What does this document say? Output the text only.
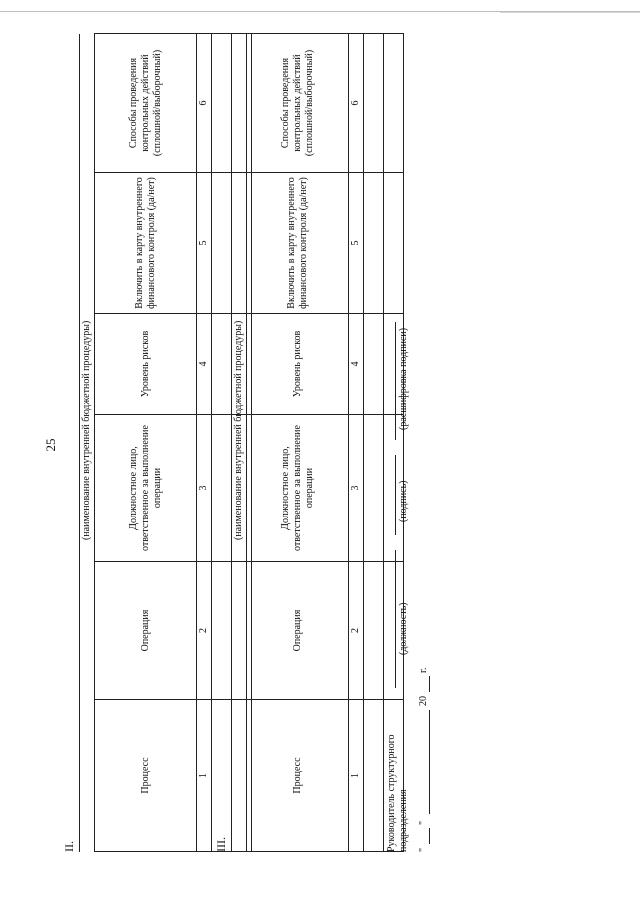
25
II.
(наименование внутренней бюджетной процедуры)
Процесс	Операция	Должностное лицо, ответственное за выполнение операции	Уровень рисков	Включить в карту внутреннего финансового контроля (да/нет)	Способы проведения контрольных действий (сплошной/выборочный)
1	2	3	4	5	6

III.
(наименование внутренней бюджетной процедуры)
Процесс	Операция	Должностное лицо, ответственное за выполнение операции	Уровень рисков	Включить в карту внутреннего финансового контроля (да/нет)	Способы проведения контрольных действий (сплошной/выборочный)
1	2	3	4	5	6

Руководитель структурного подразделения
(должность)
(подпись)
(расшифровка подписи)
"
"
20
г.
